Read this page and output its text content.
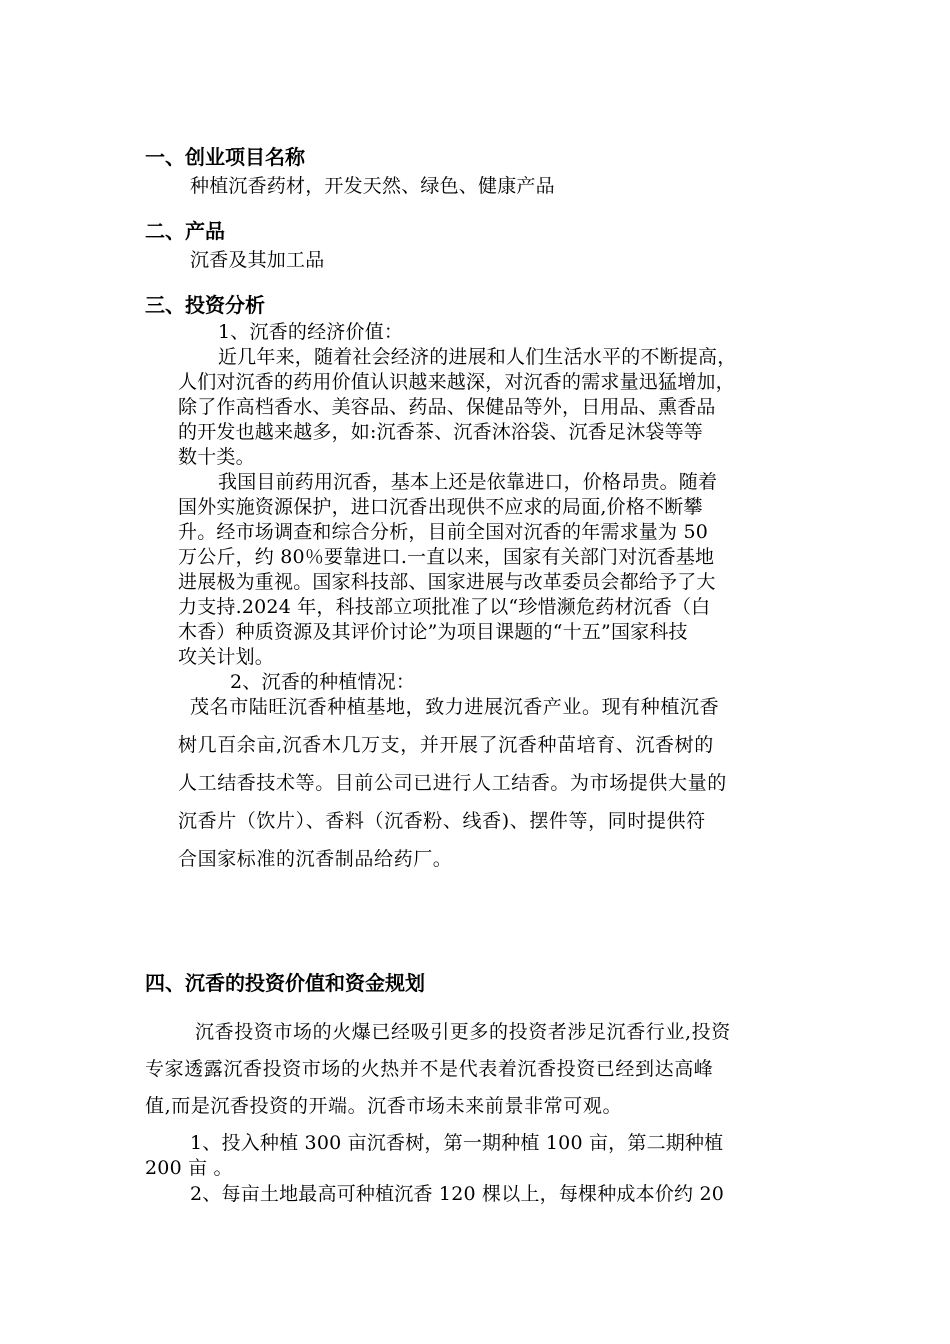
一、创业项目名称
种植沉香药材，开发天然、绿色、健康产品
二、产品
沉香及其加工品
三、投资分析
1、沉香的经济价值：
近几年来，随着社会经济的进展和人们生活水平的不断提高，
人们对沉香的药用价值认识越来越深，对沉香的需求量迅猛增加，
除了作高档香水、美容品、药品、保健品等外，日用品、熏香品
的开发也越来越多，如:沉香茶、沉香沐浴袋、沉香足沐袋等等
数十类。
我国目前药用沉香，基本上还是依靠进口，价格昂贵。随着
国外实施资源保护，进口沉香出现供不应求的局面,价格不断攀
升。经市场调查和综合分析，目前全国对沉香的年需求量为 50
万公斤，约 80％要靠进口.一直以来，国家有关部门对沉香基地
进展极为重视。国家科技部、国家进展与改革委员会都给予了大
力支持.2024 年，科技部立项批准了以“珍惜濒危药材沉香（白
木香）种质资源及其评价讨论”为项目课题的“十五”国家科技
攻关计划。
2、沉香的种植情况：
茂名市陆旺沉香种植基地，致力进展沉香产业。现有种植沉香
树几百余亩,沉香木几万支，并开展了沉香种苗培育、沉香树的
人工结香技术等。目前公司已进行人工结香。为市场提供大量的
沉香片（饮片）、香料（沉香粉、线香)、摆件等，同时提供符
合国家标准的沉香制品给药厂。
四、沉香的投资价值和资金规划
沉香投资市场的火爆已经吸引更多的投资者涉足沉香行业,投资
专家透露沉香投资市场的火热并不是代表着沉香投资已经到达高峰
值,而是沉香投资的开端。沉香市场未来前景非常可观。
1、投入种植 300 亩沉香树，第一期种植 100 亩，第二期种植
200 亩 。
2、每亩土地最高可种植沉香 120 棵以上，每棵种成本价约 20
